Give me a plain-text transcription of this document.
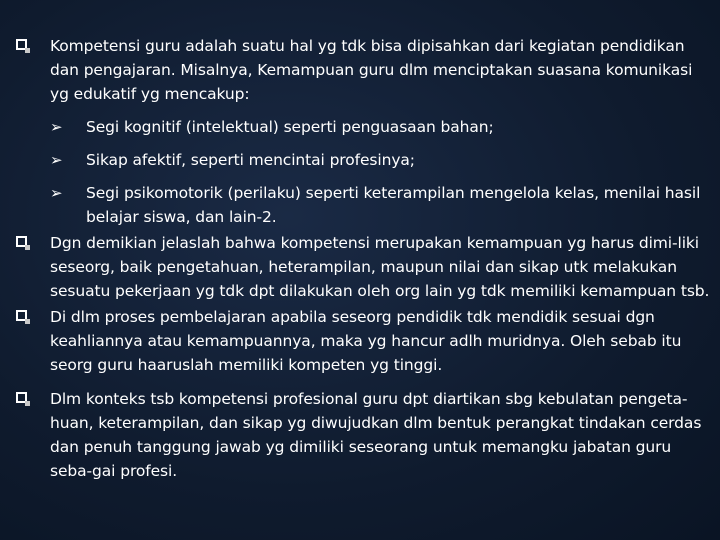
Kompetensi guru adalah suatu hal yg tdk bisa dipisahkan dari kegiatan pendidikan dan pengajaran. Misalnya, Kemampuan guru dlm menciptakan suasana komunikasi yg edukatif yg mencakup:

➢ Segi kognitif (intelektual) seperti penguasaan bahan;

➢ Sikap afektif, seperti mencintai profesinya;

➢ Segi psikomotorik (perilaku) seperti keterampilan mengelola kelas, menilai hasil belajar siswa, dan lain-2.

Dgn demikian jelaslah bahwa kompetensi merupakan kemampuan yg harus dimi-liki seseorg, baik pengetahuan, heterampilan, maupun nilai dan sikap utk melakukan sesuatu pekerjaan yg tdk dpt dilakukan oleh org lain yg tdk memiliki kemampuan tsb.

Di dlm proses pembelajaran apabila seseorg pendidik tdk mendidik sesuai dgn keahliannya atau kemampuannya, maka yg hancur adlh muridnya. Oleh sebab itu seorg guru haaruslah memiliki kompeten yg tinggi.

Dlm konteks tsb kompetensi profesional guru dpt diartikan sbg kebulatan pengeta-huan, keterampilan, dan sikap yg diwujudkan dlm bentuk perangkat tindakan cerdas dan penuh tanggung jawab yg dimiliki seseorang untuk memangku jabatan guru seba-gai profesi.
